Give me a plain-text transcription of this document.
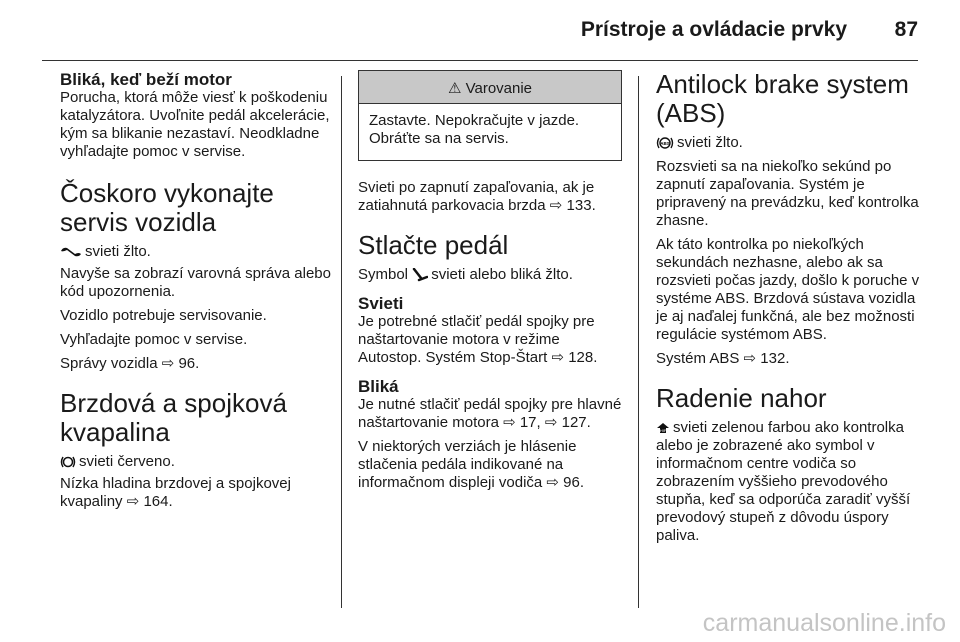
Prístroje a ovládacie prvky 87
Bliká, keď beží motor

Porucha, ktorá môže viesť k poškodeniu katalyzátora. Uvoľnite pedál akcelerácie, kým sa blikanie nezastaví. Neodkladne vyhľadajte pomoc v servise.

Čoskoro vykonajte servis vozidla

svieti žlto.

Navyše sa zobrazí varovná správa alebo kód upozornenia.

Vozidlo potrebuje servisovanie.

Vyhľadajte pomoc v servise.

Správy vozidla ⇨ 96.

Brzdová a spojková kvapalina

svieti červeno.

Nízka hladina brzdovej a spojkovej kvapaliny ⇨ 164.

⚠ Varovanie
Zastavte. Nepokračujte v jazde. Obráťte sa na servis.

Svieti po zapnutí zapaľovania, ak je zatiahnutá parkovacia brzda ⇨ 133.

Stlačte pedál

Symbol svieti alebo bliká žlto.

Svieti

Je potrebné stlačiť pedál spojky pre naštartovanie motora v režime Autostop. Systém Stop-Štart ⇨ 128.

Bliká

Je nutné stlačiť pedál spojky pre hlavné naštartovanie motora ⇨ 17, ⇨ 127.

V niektorých verziách je hlásenie stlačenia pedála indikované na informačnom displeji vodiča ⇨ 96.

Antilock brake system (ABS)

ABS svieti žlto.

Rozsvieti sa na niekoľko sekúnd po zapnutí zapaľovania. Systém je pripravený na prevádzku, keď kontrolka zhasne.

Ak táto kontrolka po niekoľkých sekundách nezhasne, alebo ak sa rozsvieti počas jazdy, došlo k poruche v systéme ABS. Brzdová sústava vozidla je aj naďalej funkčná, ale bez možnosti regulácie systémom ABS.

Systém ABS ⇨ 132.

Radenie nahor

SHIFT svieti zelenou farbou ako kontrolka alebo je zobrazené ako symbol v informačnom centre vodiča so zobrazením vyššieho prevodového stupňa, keď sa odporúča zaradiť vyšší prevodový stupeň z dôvodu úspory paliva.

carmanualsonline.info
